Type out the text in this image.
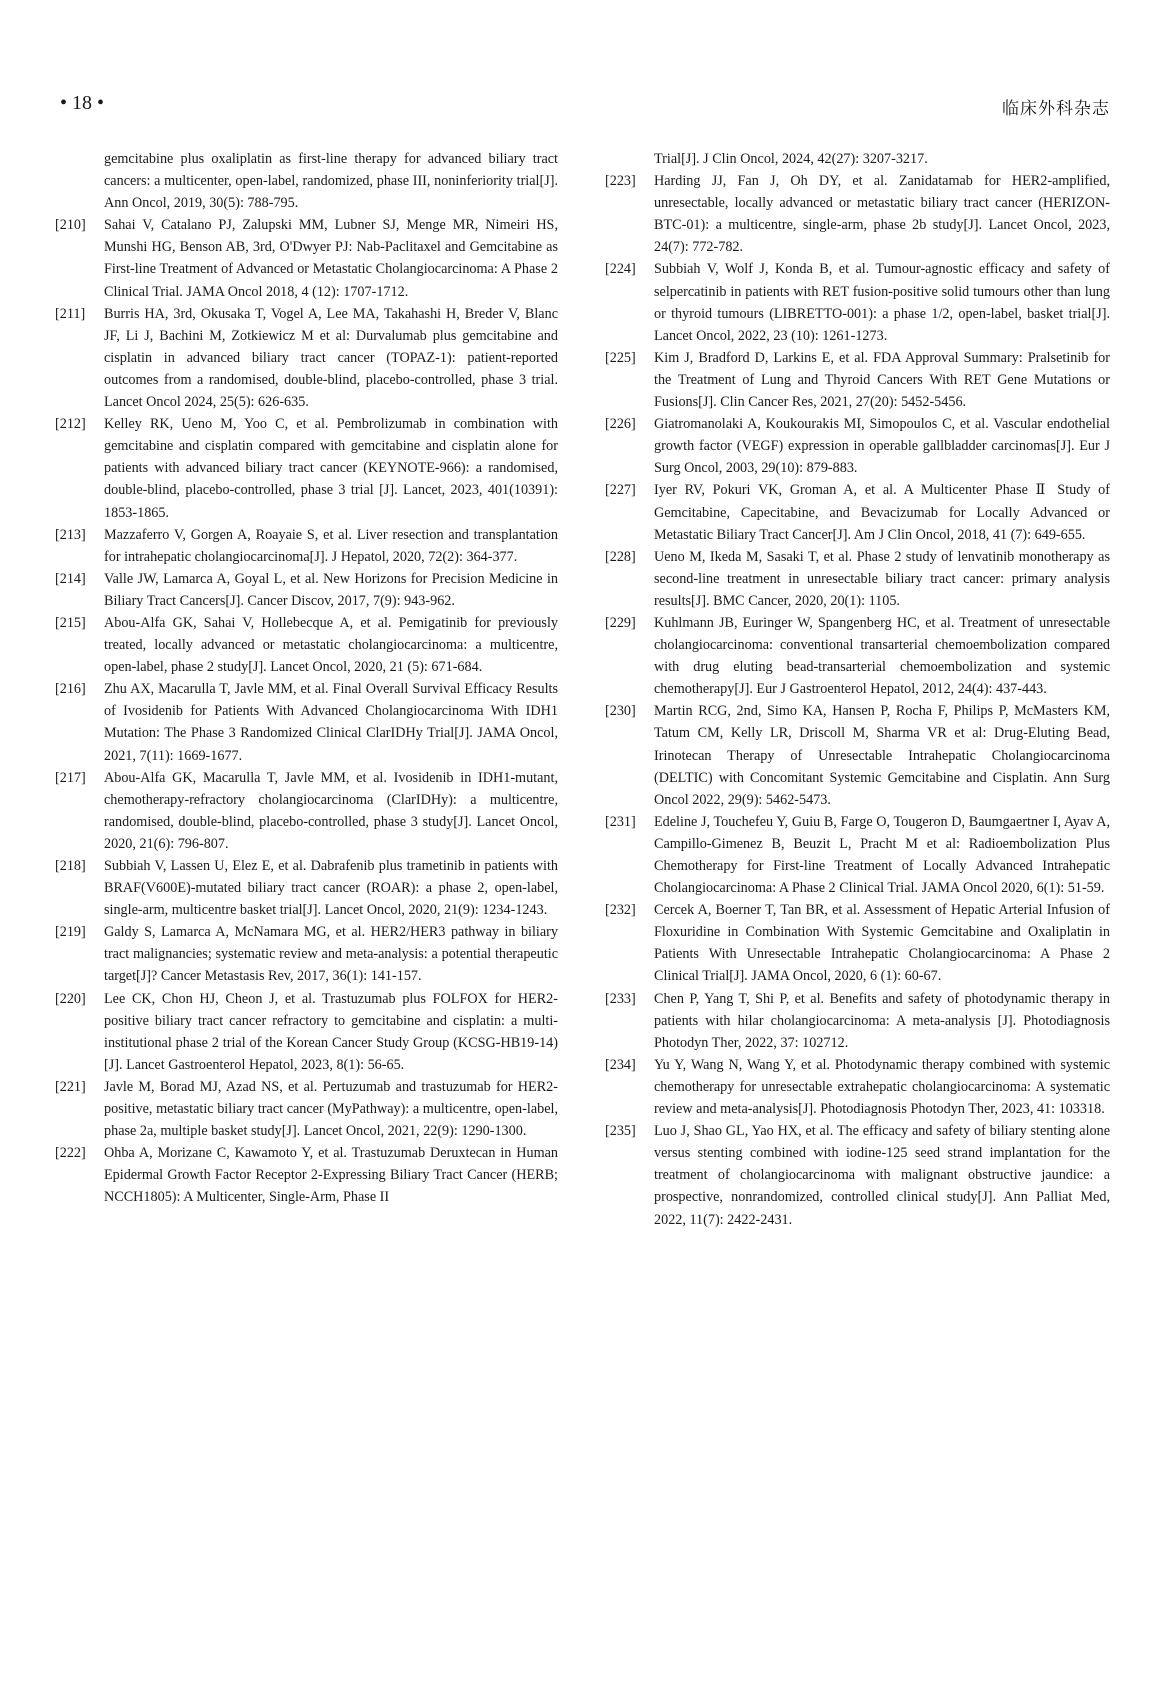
• 18 •	临床外科杂志
gemcitabine plus oxaliplatin as first-line therapy for advanced biliary tract cancers: a multicenter, open-label, randomized, phase III, noninferiority trial[J]. Ann Oncol, 2019, 30(5): 788-795.
[210] Sahai V, Catalano PJ, Zalupski MM, Lubner SJ, Menge MR, Nimeiri HS, Munshi HG, Benson AB, 3rd, O'Dwyer PJ: Nab-Paclitaxel and Gemcitabine as First-line Treatment of Advanced or Metastatic Cholangiocarcinoma: A Phase 2 Clinical Trial. JAMA Oncol 2018, 4 (12): 1707-1712.
[211] Burris HA, 3rd, Okusaka T, Vogel A, Lee MA, Takahashi H, Breder V, Blanc JF, Li J, Bachini M, Zotkiewicz M et al: Durvalumab plus gemcitabine and cisplatin in advanced biliary tract cancer (TOPAZ-1): patient-reported outcomes from a randomised, double-blind, placebo-controlled, phase 3 trial. Lancet Oncol 2024, 25(5): 626-635.
[212] Kelley RK, Ueno M, Yoo C, et al. Pembrolizumab in combination with gemcitabine and cisplatin compared with gemcitabine and cisplatin alone for patients with advanced biliary tract cancer (KEYNOTE-966): a randomised, double-blind, placebo-controlled, phase 3 trial [J]. Lancet, 2023, 401(10391): 1853-1865.
[213] Mazzaferro V, Gorgen A, Roayaie S, et al. Liver resection and transplantation for intrahepatic cholangiocarcinoma[J]. J Hepatol, 2020, 72(2): 364-377.
[214] Valle JW, Lamarca A, Goyal L, et al. New Horizons for Precision Medicine in Biliary Tract Cancers[J]. Cancer Discov, 2017, 7(9): 943-962.
[215] Abou-Alfa GK, Sahai V, Hollebecque A, et al. Pemigatinib for previously treated, locally advanced or metastatic cholangiocarcinoma: a multicentre, open-label, phase 2 study[J]. Lancet Oncol, 2020, 21 (5): 671-684.
[216] Zhu AX, Macarulla T, Javle MM, et al. Final Overall Survival Efficacy Results of Ivosidenib for Patients With Advanced Cholangiocarcinoma With IDH1 Mutation: The Phase 3 Randomized Clinical ClarIDHy Trial[J]. JAMA Oncol, 2021, 7(11): 1669-1677.
[217] Abou-Alfa GK, Macarulla T, Javle MM, et al. Ivosidenib in IDH1-mutant, chemotherapy-refractory cholangiocarcinoma (ClarIDHy): a multicentre, randomised, double-blind, placebo-controlled, phase 3 study[J]. Lancet Oncol, 2020, 21(6): 796-807.
[218] Subbiah V, Lassen U, Elez E, et al. Dabrafenib plus trametinib in patients with BRAF(V600E)-mutated biliary tract cancer (ROAR): a phase 2, open-label, single-arm, multicentre basket trial[J]. Lancet Oncol, 2020, 21(9): 1234-1243.
[219] Galdy S, Lamarca A, McNamara MG, et al. HER2/HER3 pathway in biliary tract malignancies; systematic review and meta-analysis: a potential therapeutic target[J]? Cancer Metastasis Rev, 2017, 36(1): 141-157.
[220] Lee CK, Chon HJ, Cheon J, et al. Trastuzumab plus FOLFOX for HER2-positive biliary tract cancer refractory to gemcitabine and cisplatin: a multi-institutional phase 2 trial of the Korean Cancer Study Group (KCSG-HB19-14) [J]. Lancet Gastroenterol Hepatol, 2023, 8(1): 56-65.
[221] Javle M, Borad MJ, Azad NS, et al. Pertuzumab and trastuzumab for HER2-positive, metastatic biliary tract cancer (MyPathway): a multicentre, open-label, phase 2a, multiple basket study[J]. Lancet Oncol, 2021, 22(9): 1290-1300.
[222] Ohba A, Morizane C, Kawamoto Y, et al. Trastuzumab Deruxtecan in Human Epidermal Growth Factor Receptor 2-Expressing Biliary Tract Cancer (HERB; NCCH1805): A Multicenter, Single-Arm, Phase II
Trial[J]. J Clin Oncol, 2024, 42(27): 3207-3217.
[223] Harding JJ, Fan J, Oh DY, et al. Zanidatamab for HER2-amplified, unresectable, locally advanced or metastatic biliary tract cancer (HERIZON-BTC-01): a multicentre, single-arm, phase 2b study[J]. Lancet Oncol, 2023, 24(7): 772-782.
[224] Subbiah V, Wolf J, Konda B, et al. Tumour-agnostic efficacy and safety of selpercatinib in patients with RET fusion-positive solid tumours other than lung or thyroid tumours (LIBRETTO-001): a phase 1/2, open-label, basket trial[J]. Lancet Oncol, 2022, 23 (10): 1261-1273.
[225] Kim J, Bradford D, Larkins E, et al. FDA Approval Summary: Pralsetinib for the Treatment of Lung and Thyroid Cancers With RET Gene Mutations or Fusions[J]. Clin Cancer Res, 2021, 27(20): 5452-5456.
[226] Giatromanolaki A, Koukourakis MI, Simopoulos C, et al. Vascular endothelial growth factor (VEGF) expression in operable gallbladder carcinomas[J]. Eur J Surg Oncol, 2003, 29(10): 879-883.
[227] Iyer RV, Pokuri VK, Groman A, et al. A Multicenter Phase Ⅱ Study of Gemcitabine, Capecitabine, and Bevacizumab for Locally Advanced or Metastatic Biliary Tract Cancer[J]. Am J Clin Oncol, 2018, 41 (7): 649-655.
[228] Ueno M, Ikeda M, Sasaki T, et al. Phase 2 study of lenvatinib monotherapy as second-line treatment in unresectable biliary tract cancer: primary analysis results[J]. BMC Cancer, 2020, 20(1): 1105.
[229] Kuhlmann JB, Euringer W, Spangenberg HC, et al. Treatment of unresectable cholangiocarcinoma: conventional transarterial chemoembolization compared with drug eluting bead-transarterial chemoembolization and systemic chemotherapy[J]. Eur J Gastroenterol Hepatol, 2012, 24(4): 437-443.
[230] Martin RCG, 2nd, Simo KA, Hansen P, Rocha F, Philips P, McMasters KM, Tatum CM, Kelly LR, Driscoll M, Sharma VR et al: Drug-Eluting Bead, Irinotecan Therapy of Unresectable Intrahepatic Cholangiocarcinoma (DELTIC) with Concomitant Systemic Gemcitabine and Cisplatin. Ann Surg Oncol 2022, 29(9): 5462-5473.
[231] Edeline J, Touchefeu Y, Guiu B, Farge O, Tougeron D, Baumgaertner I, Ayav A, Campillo-Gimenez B, Beuzit L, Pracht M et al: Radioembolization Plus Chemotherapy for First-line Treatment of Locally Advanced Intrahepatic Cholangiocarcinoma: A Phase 2 Clinical Trial. JAMA Oncol 2020, 6(1): 51-59.
[232] Cercek A, Boerner T, Tan BR, et al. Assessment of Hepatic Arterial Infusion of Floxuridine in Combination With Systemic Gemcitabine and Oxaliplatin in Patients With Unresectable Intrahepatic Cholangiocarcinoma: A Phase 2 Clinical Trial[J]. JAMA Oncol, 2020, 6 (1): 60-67.
[233] Chen P, Yang T, Shi P, et al. Benefits and safety of photodynamic therapy in patients with hilar cholangiocarcinoma: A meta-analysis [J]. Photodiagnosis Photodyn Ther, 2022, 37: 102712.
[234] Yu Y, Wang N, Wang Y, et al. Photodynamic therapy combined with systemic chemotherapy for unresectable extrahepatic cholangiocarcinoma: A systematic review and meta-analysis[J]. Photodiagnosis Photodyn Ther, 2023, 41: 103318.
[235] Luo J, Shao GL, Yao HX, et al. The efficacy and safety of biliary stenting alone versus stenting combined with iodine-125 seed strand implantation for the treatment of cholangiocarcinoma with malignant obstructive jaundice: a prospective, nonrandomized, controlled clinical study[J]. Ann Palliat Med, 2022, 11(7): 2422-2431.
